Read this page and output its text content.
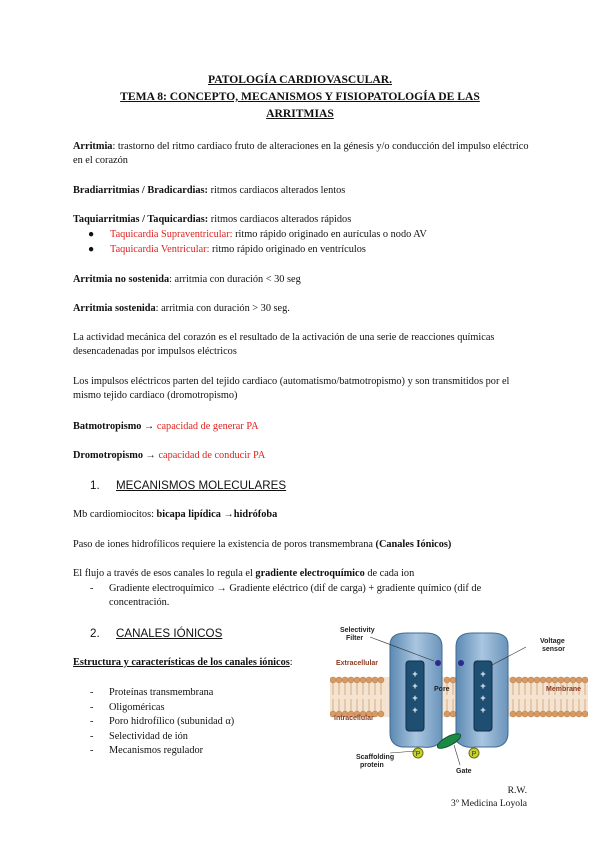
PATOLOGÍA CARDIOVASCULAR.
TEMA 8: CONCEPTO, MECANISMOS Y FISIOPATOLOGÍA DE LAS
ARRITMIAS
Arritmia: trastorno del ritmo cardiaco fruto de alteraciones en la génesis y/o conducción del impulso eléctrico en el corazón
Bradiarritmias / Bradicardias: ritmos cardiacos alterados lentos
Taquiarritmias / Taquicardias: ritmos cardiacos alterados rápidos
● Taquicardia Supraventricular: ritmo rápido originado en aurículas o nodo AV
● Taquicardia Ventricular: ritmo rápido originado en ventrículos
Arritmia no sostenida: arritmia con duración < 30 seg
Arritmia sostenida: arritmia con duración > 30 seg.
La actividad mecánica del corazón es el resultado de la activación de una serie de reacciones químicas desencadenadas por impulsos eléctricos
Los impulsos eléctricos parten del tejido cardiaco (automatismo/batmotropismo) y son transmitidos por el mismo tejido cardiaco (dromotropismo)
Batmotropismo → capacidad de generar PA
Dromotropismo → capacidad de conducir PA
1. MECANISMOS MOLECULARES
Mb cardiomiocitos: bicapa lipídica →hidrófoba
Paso de iones hidrofílicos requiere la existencia de poros transmembrana (Canales Iónicos)
El flujo a través de esos canales lo regula el gradiente electroquímico de cada ion
- Gradiente electroquímico → Gradiente eléctrico (dif de carga) + gradiente químico (dif de concentración.
2. CANALES IÓNICOS
Estructura y características de los canales iónicos:
- Proteínas transmembrana
- Oligoméricas
- Poro hidrofílico (subunidad α)
- Selectividad de ión
- Mecanismos regulador
+
+
+
+
+
+
+
+
P	P
Selectivity
Filter	Voltage
sensor
Extracellular
Intracellular
Membrane
Pore
Scaffolding
protein
Gate
R.W.
3º Medicina Loyola
